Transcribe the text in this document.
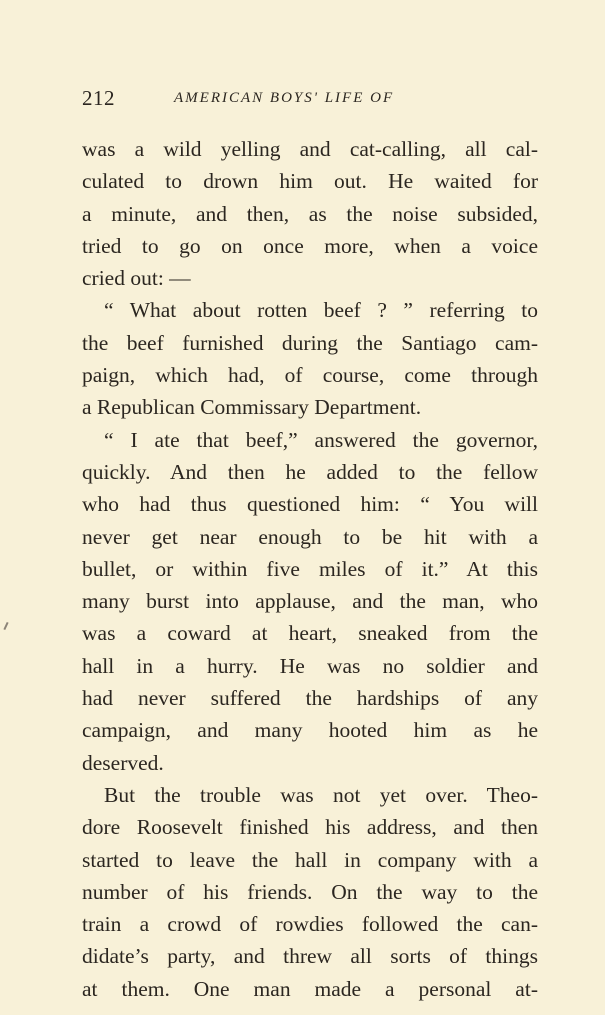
212	AMERICAN BOYS' LIFE OF
was a wild yelling and cat-calling, all cal-
culated to drown him out. He waited for
a minute, and then, as the noise subsided,
tried to go on once more, when a voice
cried out: —
“ What about rotten beef ? ” referring to
the beef furnished during the Santiago cam-
paign, which had, of course, come through
a Republican Commissary Department.
“ I ate that beef,” answered the governor,
quickly. And then he added to the fellow
who had thus questioned him: “ You will
never get near enough to be hit with a
bullet, or within five miles of it.” At this
many burst into applause, and the man, who
was a coward at heart, sneaked from the
hall in a hurry. He was no soldier and
had never suffered the hardships of any
campaign, and many hooted him as he
deserved.
But the trouble was not yet over. Theo-
dore Roosevelt finished his address, and then
started to leave the hall in company with a
number of his friends. On the way to the
train a crowd of rowdies followed the can-
didate’s party, and threw all sorts of things
at them. One man made a personal at-
